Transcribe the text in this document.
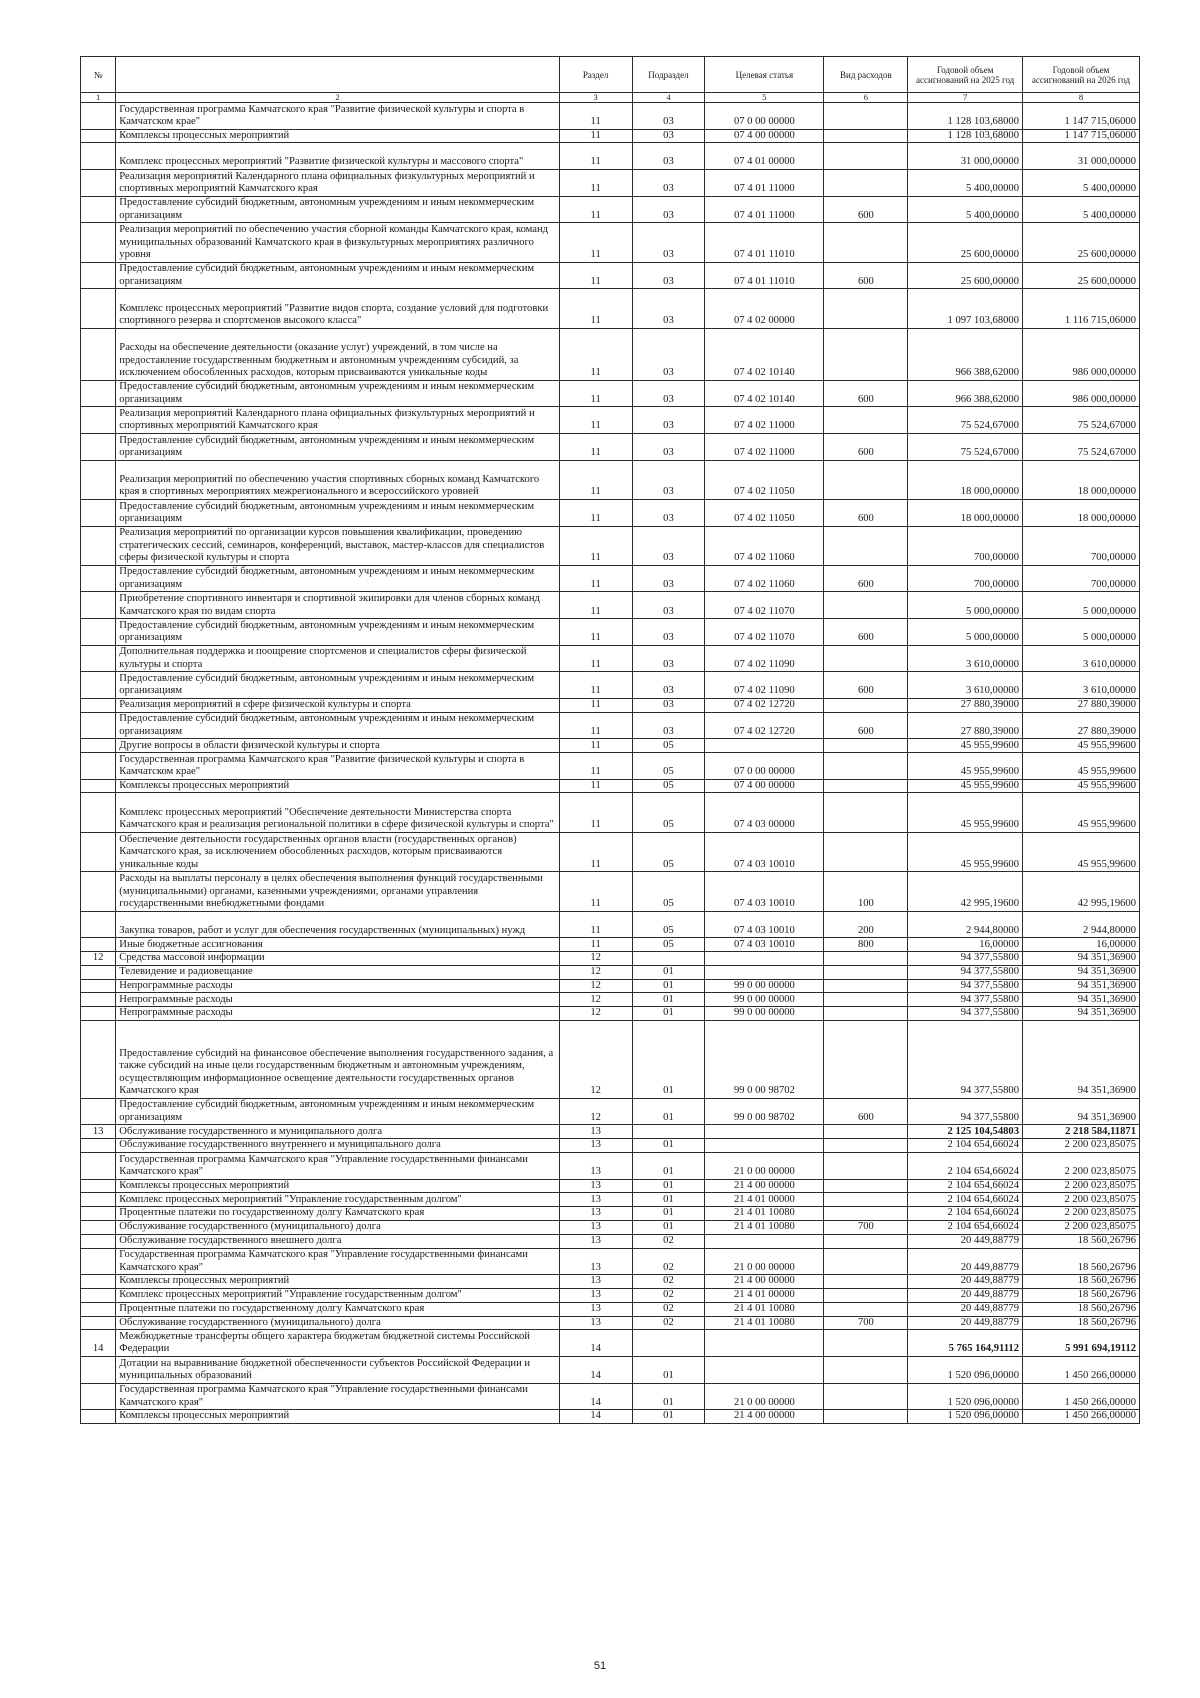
№		Раздел	Подраздел	Целевая статья	Вид расходов	Годовой объем ассигнований на 2025 год	Годовой объем ассигнований на 2026 год
1	2	3	4	5	6	7	8
	Государственная программа Камчатского края "Развитие физической культуры и спорта в Камчатском крае"	11	03	07 0 00 00000		1 128 103,68000	1 147 715,06000
	Комплексы процессных мероприятий	11	03	07 4 00 00000		1 128 103,68000	1 147 715,06000
	Комплекс процессных мероприятий "Развитие физической культуры и массового спорта"	11	03	07 4 01 00000		31 000,00000	31 000,00000
	Реализация мероприятий Календарного плана официальных физкультурных мероприятий и спортивных мероприятий Камчатского края	11	03	07 4 01 11000		5 400,00000	5 400,00000
	Предоставление субсидий бюджетным, автономным учреждениям и иным некоммерческим организациям	11	03	07 4 01 11000	600	5 400,00000	5 400,00000
	Реализация мероприятий по обеспечению участия сборной команды Камчатского края, команд муниципальных образований Камчатского края в физкультурных мероприятиях различного уровня	11	03	07 4 01 11010		25 600,00000	25 600,00000
	Предоставление субсидий бюджетным, автономным учреждениям и иным некоммерческим организациям	11	03	07 4 01 11010	600	25 600,00000	25 600,00000
	Комплекс процессных мероприятий "Развитие видов спорта, создание условий для подготовки спортивного резерва и спортсменов высокого класса"	11	03	07 4 02 00000		1 097 103,68000	1 116 715,06000
	Расходы на обеспечение деятельности (оказание услуг) учреждений, в том числе на предоставление государственным бюджетным и автономным учреждениям субсидий, за исключением обособленных расходов, которым присваиваются уникальные коды	11	03	07 4 02 10140		966 388,62000	986 000,00000
	Предоставление субсидий бюджетным, автономным учреждениям и иным некоммерческим организациям	11	03	07 4 02 10140	600	966 388,62000	986 000,00000
	Реализация мероприятий Календарного плана официальных физкультурных мероприятий и спортивных мероприятий Камчатского края	11	03	07 4 02 11000		75 524,67000	75 524,67000
	Предоставление субсидий бюджетным, автономным учреждениям и иным некоммерческим организациям	11	03	07 4 02 11000	600	75 524,67000	75 524,67000
	Реализация мероприятий по обеспечению участия спортивных сборных команд Камчатского края в спортивных мероприятиях межрегионального и всероссийского уровней	11	03	07 4 02 11050		18 000,00000	18 000,00000
	Предоставление субсидий бюджетным, автономным учреждениям и иным некоммерческим организациям	11	03	07 4 02 11050	600	18 000,00000	18 000,00000
	Реализация мероприятий по организации курсов повышения квалификации, проведению стратегических сессий, семинаров, конференций, выставок, мастер-классов для специалистов сферы физической культуры и спорта	11	03	07 4 02 11060		700,00000	700,00000
	Предоставление субсидий бюджетным, автономным учреждениям и иным некоммерческим организациям	11	03	07 4 02 11060	600	700,00000	700,00000
	Приобретение спортивного инвентаря и спортивной экипировки для членов сборных команд Камчатского края по видам спорта	11	03	07 4 02 11070		5 000,00000	5 000,00000
	Предоставление субсидий бюджетным, автономным учреждениям и иным некоммерческим организациям	11	03	07 4 02 11070	600	5 000,00000	5 000,00000
	Дополнительная поддержка и поощрение спортсменов и специалистов сферы физической культуры и спорта	11	03	07 4 02 11090		3 610,00000	3 610,00000
	Предоставление субсидий бюджетным, автономным учреждениям и иным некоммерческим организациям	11	03	07 4 02 11090	600	3 610,00000	3 610,00000
	Реализация мероприятий в сфере физической культуры и спорта	11	03	07 4 02 12720		27 880,39000	27 880,39000
	Предоставление субсидий бюджетным, автономным учреждениям и иным некоммерческим организациям	11	03	07 4 02 12720	600	27 880,39000	27 880,39000
	Другие вопросы в области физической культуры и спорта	11	05			45 955,99600	45 955,99600
	Государственная программа Камчатского края "Развитие физической культуры и спорта в Камчатском крае"	11	05	07 0 00 00000		45 955,99600	45 955,99600
	Комплексы процессных мероприятий	11	05	07 4 00 00000		45 955,99600	45 955,99600
	Комплекс процессных мероприятий "Обеспечение деятельности Министерства спорта Камчатского края и реализация региональной политики в сфере физической культуры и спорта"	11	05	07 4 03 00000		45 955,99600	45 955,99600
	Обеспечение деятельности государственных органов власти (государственных органов) Камчатского края, за исключением обособленных расходов, которым присваиваются уникальные коды	11	05	07 4 03 10010		45 955,99600	45 955,99600
	Расходы на выплаты персоналу в целях обеспечения выполнения функций государственными (муниципальными) органами, казенными учреждениями, органами управления государственными внебюджетными фондами	11	05	07 4 03 10010	100	42 995,19600	42 995,19600
	Закупка товаров, работ и услуг для обеспечения государственных (муниципальных) нужд	11	05	07 4 03 10010	200	2 944,80000	2 944,80000
	Иные бюджетные ассигнования	11	05	07 4 03 10010	800	16,00000	16,00000
12	Средства массовой информации	12				94 377,55800	94 351,36900
	Телевидение и радиовещание	12	01			94 377,55800	94 351,36900
	Непрограммные расходы	12	01	99 0 00 00000		94 377,55800	94 351,36900
	Непрограммные расходы	12	01	99 0 00 00000		94 377,55800	94 351,36900
	Непрограммные расходы	12	01	99 0 00 00000		94 377,55800	94 351,36900
	Предоставление субсидий на финансовое обеспечение выполнения государственного задания, а также субсидий на иные цели государственным бюджетным и автономным учреждениям, осуществляющим информационное освещение деятельности государственных органов Камчатского края	12	01	99 0 00 98702		94 377,55800	94 351,36900
	Предоставление субсидий бюджетным, автономным учреждениям и иным некоммерческим организациям	12	01	99 0 00 98702	600	94 377,55800	94 351,36900
13	Обслуживание государственного и муниципального долга	13				2 125 104,54803	2 218 584,11871
	Обслуживание государственного внутреннего и муниципального долга	13	01			2 104 654,66024	2 200 023,85075
	Государственная программа Камчатского края "Управление государственными финансами Камчатского края"	13	01	21 0 00 00000		2 104 654,66024	2 200 023,85075
	Комплексы процессных мероприятий	13	01	21 4 00 00000		2 104 654,66024	2 200 023,85075
	Комплекс процессных мероприятий "Управление государственным долгом"	13	01	21 4 01 00000		2 104 654,66024	2 200 023,85075
	Процентные платежи по государственному долгу Камчатского края	13	01	21 4 01 10080		2 104 654,66024	2 200 023,85075
	Обслуживание государственного (муниципального) долга	13	01	21 4 01 10080	700	2 104 654,66024	2 200 023,85075
	Обслуживание государственного внешнего долга	13	02			20 449,88779	18 560,26796
	Государственная программа Камчатского края "Управление государственными финансами Камчатского края"	13	02	21 0 00 00000		20 449,88779	18 560,26796
	Комплексы процессных мероприятий	13	02	21 4 00 00000		20 449,88779	18 560,26796
	Комплекс процессных мероприятий "Управление государственным долгом"	13	02	21 4 01 00000		20 449,88779	18 560,26796
	Процентные платежи по государственному долгу Камчатского края	13	02	21 4 01 10080		20 449,88779	18 560,26796
	Обслуживание государственного (муниципального) долга	13	02	21 4 01 10080	700	20 449,88779	18 560,26796
14	Межбюджетные трансферты общего характера бюджетам бюджетной системы Российской Федерации	14				5 765 164,91112	5 991 694,19112
	Дотации на выравнивание бюджетной обеспеченности субъектов Российской Федерации и муниципальных образований	14	01			1 520 096,00000	1 450 266,00000
	Государственная программа Камчатского края "Управление государственными финансами Камчатского края"	14	01	21 0 00 00000		1 520 096,00000	1 450 266,00000
	Комплексы процессных мероприятий	14	01	21 4 00 00000		1 520 096,00000	1 450 266,00000
51
